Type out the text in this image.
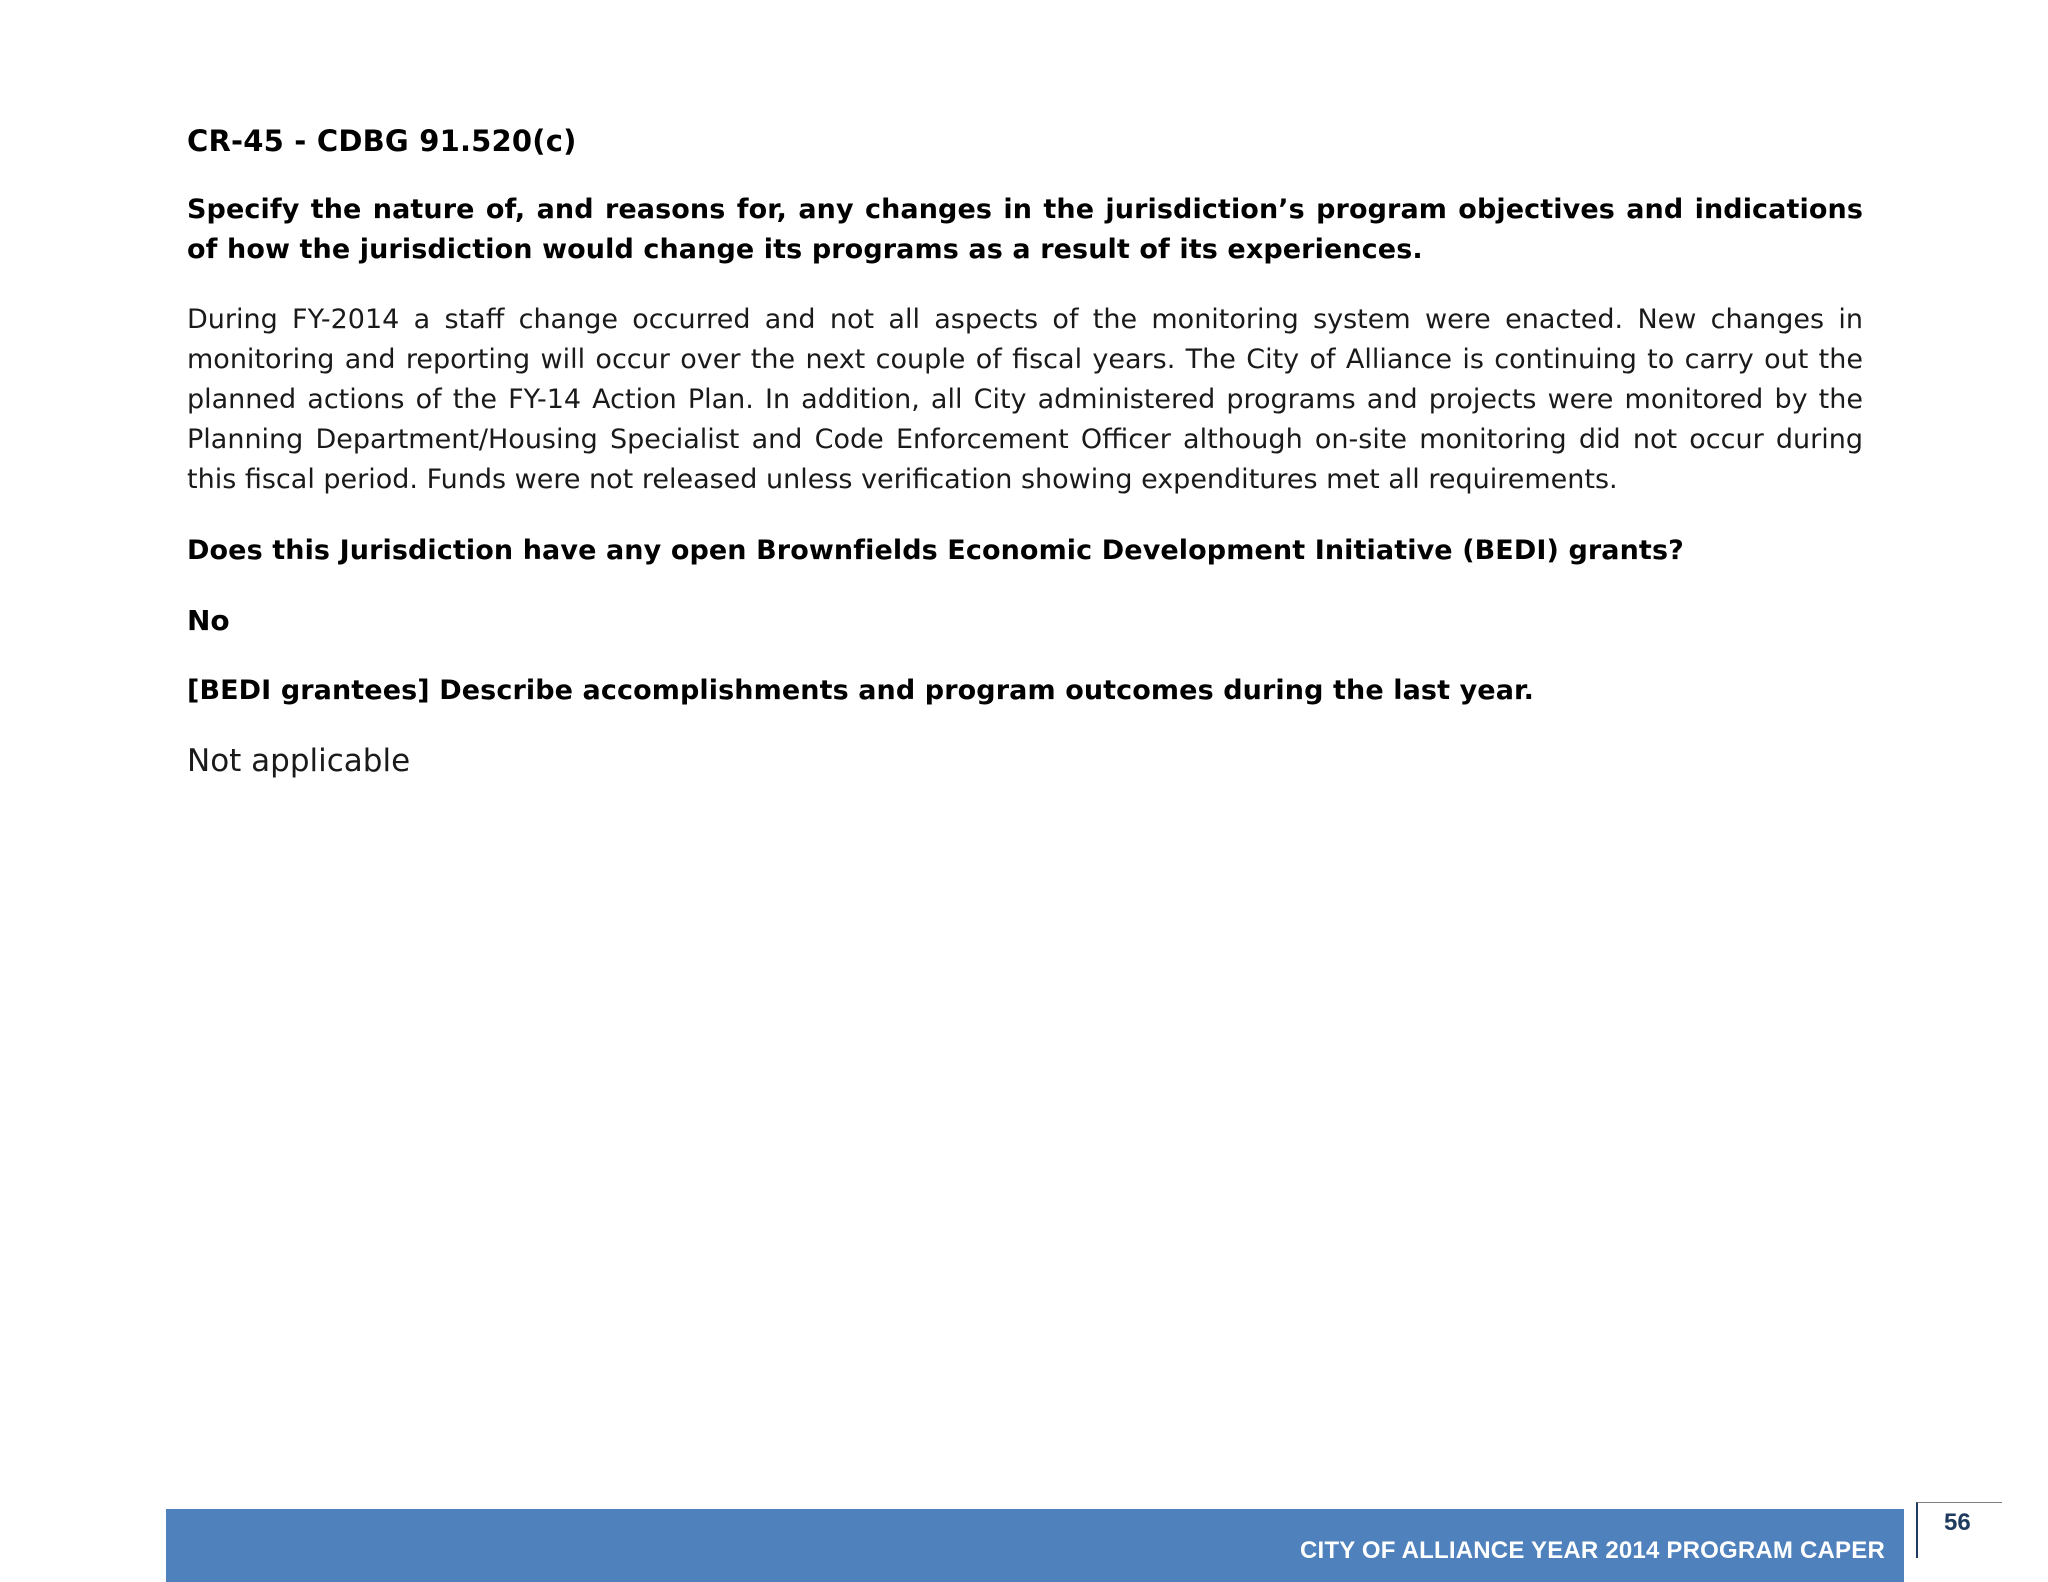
CR-45 - CDBG 91.520(c)

Specify the nature of, and reasons for, any changes in the jurisdiction’s program objectives and indications of how the jurisdiction would change its programs as a result of its experiences.

During FY-2014 a staff change occurred and not all aspects of the monitoring system were enacted. New changes in monitoring and reporting will occur over the next couple of fiscal years. The City of Alliance is continuing to carry out the planned actions of the FY-14 Action Plan. In addition, all City administered programs and projects were monitored by the Planning Department/Housing Specialist and Code Enforcement Officer although on-site monitoring did not occur during this fiscal period. Funds were not released unless verification showing expenditures met all requirements.

Does this Jurisdiction have any open Brownfields Economic Development Initiative (BEDI) grants?

No

[BEDI grantees] Describe accomplishments and program outcomes during the last year.

Not applicable

CITY OF ALLIANCE YEAR 2014 PROGRAM CAPER
56
